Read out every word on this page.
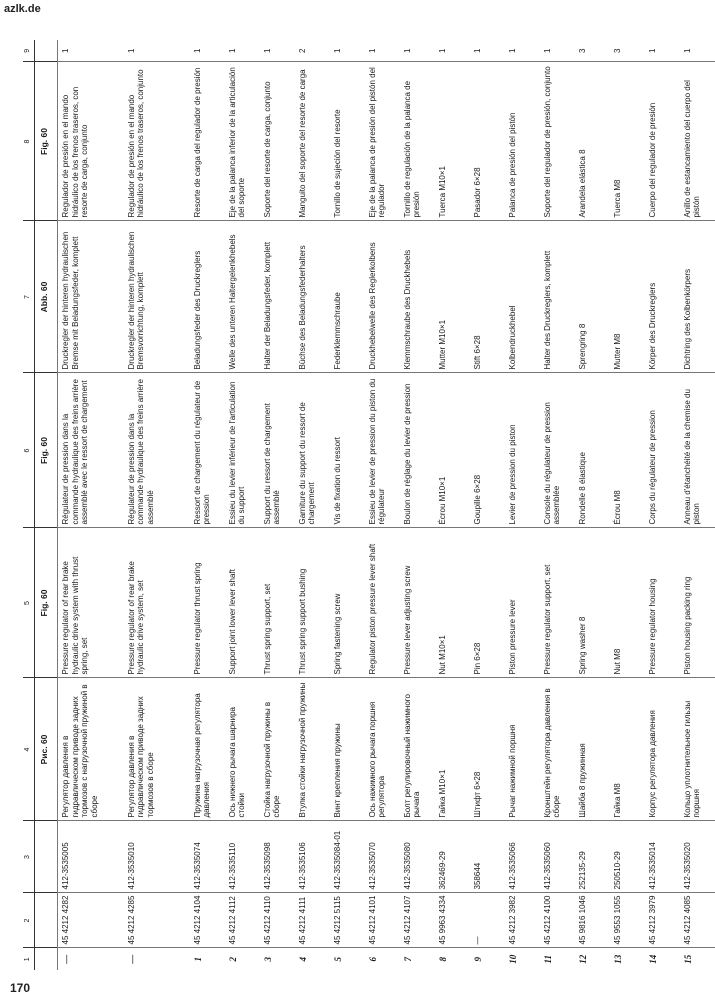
azlk.de
170
1	2	3	4	5	6	7	8	9
			Рис. 60	Fig. 60	Fig. 60	Abb. 60	Fig. 60	
—	45 4212 4282	412-3535005	Регулятор давления в гидравлическом приводе задних тормозов с нагрузочной пружиной в сборе	Pressure regulator of rear brake hydraulic drive system with thrust spring, set	Régulateur de pression dans la commande hydraulique des freins arrière assemblé avec le ressort de chargement	Druckregler der hinteren hydraulischen Bremse mit Beladungsfeder, komplett	Regulador de presión en el mando hidráulico de los frenos traseros, con resorte de carga, conjunto	1
—	45 4212 4285	412-3535010	Регулятор давления в гидравлическом приводе задних тормозов в сборе	Pressure regulator of rear brake hydraulic drive system, set	Régulateur de pression dans la commande hydraulique des freins arrière assemblé	Druckregler der hinteren hydraulischen Bremsvorrichtung, komplett	Regulador de presión en el mando hidráulico de los frenos traseros, conjunto	1
1	45 4212 4104	412-3535074	Пружина нагрузочная регулятора давления	Pressure regulator thrust spring	Ressort de chargement du régulateur de pression	Beladungsfeder des Druckreglers	Resorte de carga del regulador de presión	1
2	45 4212 4112	412-3535110	Ось нижнего рычага шарнира стойки	Support joint lower lever shaft	Essieu du levier inférieur de l'articulation du support	Welle des unteren Haltergelenkhebels	Eje de la palanca inferior de la articulación del soporte	1
3	45 4212 4110	412-3535098	Стойка нагрузочной пружины в сборе	Thrust spring support, set	Support du ressort de chargement assemblé	Halter der Beladungsfeder, komplett	Soporte del resorte de carga, conjunto	1
4	45 4212 4111	412-3535106	Втулка стойки нагрузочной пружины	Thrust spring support bushing	Garniture du support du ressort de chargement	Büchse des Beladungsfederhalters	Manguito del soporte del resorte de carga	2
5	45 4212 5115	412-3535084-01	Винт крепления пружины	Spring fastening screw	Vis de fixation du ressort	Federklemmschraube	Tornillo de sujeción del resorte	1
6	45 4212 4101	412-3535070	Ось нажимного рычага поршня регулятора	Regulator piston pressure lever shaft	Essieu de levier de pression du piston du régulateur	Druckhebelwelle des Reglerkolbens	Eje de la palanca de presión del pistón del regulador	1
7	45 4212 4107	412-3535080	Болт регулировочный нажимного рычага	Pressure lever adjusting screw	Boulon de réglage du levier de pression	Klemmschraube des Druckhebels	Tornillo de regulación de la palanca de presión	1
8	45 9963 4334	362469-29	Гайка М10×1	Nut M10×1	Écrou M10×1	Mutter M10×1	Tuerca M10×1	1
9	—	358644	Штифт 6×28	Pin 6×28	Goupille 6×28	Stift 6×28	Pasador 6×28	1
10	45 4212 3982	412-3535066	Рычаг нажимной поршня	Piston pressure lever	Levier de pression du piston	Kolbendruckhebel	Palanca de presión del pistón	1
11	45 4212 4100	412-3535060	Кронштейн регулятора давления в сборе	Pressure regulator support, set	Console du régulateur de pression assemblée	Halter des Druckreglers, komplett	Soporte del regulador de presión, conjunto	1
12	45 9816 1046	252135-29	Шайба 8 пружинная	Spring washer 8	Rondelle 8 élastique	Sprengring 8	Arandela elástica 8	3
13	45 9553 1055	250510-29	Гайка М8	Nut M8	Écrou M8	Mutter M8	Tuerca M8	3
14	45 4212 3979	412-3535014	Корпус регулятора давления	Pressure regulator housing	Corps du régulateur de pression	Körper des Druckreglers	Cuerpo del regulador de presión	1
15	45 4212 4085	412-3535020	Кольцо уплотнительное гильзы поршня	Piston housing packing ring	Anneau d'étanchéité de la chemise du piston	Dichtring des Kolbenkörpers	Anillo de estancamiento del cuerpo del pistón	1
